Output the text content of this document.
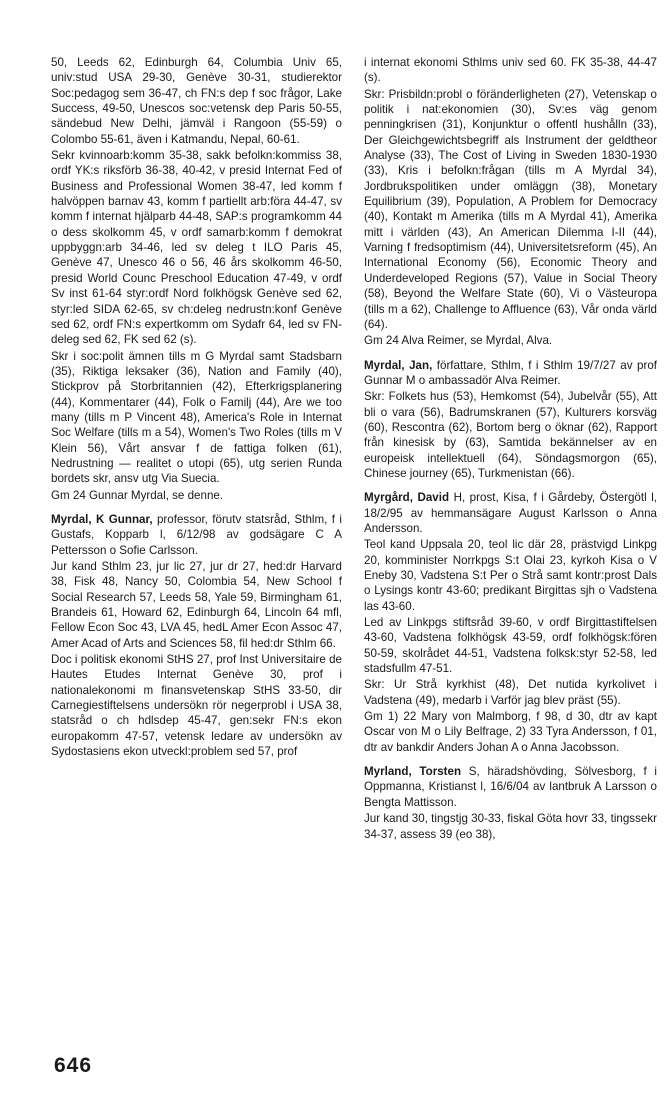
50, Leeds 62, Edinburgh 64, Columbia Univ 65, univ:stud USA 29-30, Genève 30-31, studierektor Soc:pedagog sem 36-47, ch FN:s dep f soc frågor, Lake Success, 49-50, Unescos soc:vetensk dep Paris 50-55, sändebud New Delhi, jämväl i Rangoon (55-59) o Colombo 55-61, även i Katmandu, Nepal, 60-61.

Sekr kvinnoarb:komm 35-38, sakk befolkn:kommiss 38, ordf YK:s riksförb 36-38, 40-42, v presid Internat Fed of Business and Professional Women 38-47, led komm f halvöppen barnav 43, komm f partiellt arb:föra 44-47, sv komm f internat hjälparb 44-48, SAP:s programkomm 44 o dess skolkomm 45, v ordf samarb:komm f demokrat uppbyggn:arb 34-46, led sv deleg t ILO Paris 45, Genève 47, Unesco 46 o 56, 46 års skolkomm 46-50, presid World Counc Preschool Education 47-49, v ordf Sv inst 61-64 styr:ordf Nord folkhögsk Genève sed 62, styr:led SIDA 62-65, sv ch:deleg nedrustn:konf Genève sed 62, ordf FN:s expertkomm om Sydafr 64, led sv FN-deleg sed 62, FK sed 62 (s).

Skr i soc:polit ämnen tills m G Myrdal samt Stadsbarn (35), Riktiga leksaker (36), Nation and Family (40), Stickprov på Storbritannien (42), Efterkrigsplanering (44), Kommentarer (44), Folk o Familj (44), Are we too many (tills m P Vincent 48), America's Role in Internat Soc Welfare (tills m a 54), Women's Two Roles (tills m V Klein 56), Vårt ansvar f de fattiga folken (61), Nedrustning — realitet o utopi (65), utg serien Runda bordets skr, ansv utg Via Suecia.

Gm 24 Gunnar Myrdal, se denne.

Myrdal, K Gunnar, professor, förutv statsråd, Sthlm, f i Gustafs, Kopparb l, 6/12/98 av godsägare C A Pettersson o Sofie Carlsson.

Jur kand Sthlm 23, jur lic 27, jur dr 27, hed:dr Harvard 38, Fisk 48, Nancy 50, Colombia 54, New School f Social Research 57, Leeds 58, Yale 59, Birmingham 61, Brandeis 61, Howard 62, Edinburgh 64, Lincoln 64 mfl, Fellow Econ Soc 43, LVA 45, hedL Amer Econ Assoc 47, Amer Acad of Arts and Sciences 58, fil hed:dr Sthlm 66.

Doc i politisk ekonomi StHS 27, prof Inst Universitaire de Hautes Etudes Internat Genève 30, prof i nationalekonomi m finansvetenskap StHS 33-50, dir Carnegiestiftelsens undersökn rör negerprobl i USA 38, statsråd o ch hdlsdep 45-47, gen:sekr FN:s ekon europakomm 47-57, vetensk ledare av undersökn av Sydostasiens ekon utveckl:problem sed 57, prof

i internat ekonomi Sthlms univ sed 60. FK 35-38, 44-47 (s).

Skr: Prisbildn:probl o föränderligheten (27), Vetenskap o politik i nat:ekonomien (30), Sv:es väg genom penningkrisen (31), Konjunktur o offentl hushålln (33), Der Gleichgewichtsbegriff als Instrument der geldtheor Analyse (33), The Cost of Living in Sweden 1830-1930 (33), Kris i befolkn:frågan (tills m A Myrdal 34), Jordbrukspolitiken under omläggn (38), Monetary Equilibrium (39), Population, A Problem for Democracy (40), Kontakt m Amerika (tills m A Myrdal 41), Amerika mitt i världen (43), An American Dilemma I-II (44), Varning f fredsoptimism (44), Universitetsreform (45), An International Economy (56), Economic Theory and Underdeveloped Regions (57), Value in Social Theory (58), Beyond the Welfare State (60), Vi o Västeuropa (tills m a 62), Challenge to Affluence (63), Vår onda värld (64).

Gm 24 Alva Reimer, se Myrdal, Alva.

Myrdal, Jan, författare, Sthlm, f i Sthlm 19/7/27 av prof Gunnar M o ambassadör Alva Reimer.

Skr: Folkets hus (53), Hemkomst (54), Jubelvår (55), Att bli o vara (56), Badrumskranen (57), Kulturers korsväg (60), Rescontra (62), Bortom berg o öknar (62), Rapport från kinesisk by (63), Samtida bekännelser av en europeisk intellektuell (64), Söndagsmorgon (65), Chinese journey (65), Turkmenistan (66).

Myrgård, David H, prost, Kisa, f i Gårdeby, Östergötl l, 18/2/95 av hemmansägare August Karlsson o Anna Andersson.

Teol kand Uppsala 20, teol lic där 28, prästvigd Linkpg 20, komminister Norrkpgs S:t Olai 23, kyrkoh Kisa o V Eneby 30, Vadstena S:t Per o Strå samt kontr:prost Dals o Lysings kontr 43-60; predikant Birgittas sjh o Vadstena las 43-60.

Led av Linkpgs stiftsråd 39-60, v ordf Birgittastiftelsen 43-60, Vadstena folkhögsk 43-59, ordf folkhögsk:fören 50-59, skolrådet 44-51, Vadstena folksk:styr 52-58, led stadsfullm 47-51.

Skr: Ur Strå kyrkhist (48), Det nutida kyrkolivet i Vadstena (49), medarb i Varför jag blev präst (55).

Gm 1) 22 Mary von Malmborg, f 98, d 30, dtr av kapt Oscar von M o Lily Belfrage, 2) 33 Tyra Andersson, f 01, dtr av bankdir Anders Johan A o Anna Jacobsson.

Myrland, Torsten S, häradshövding, Sölvesborg, f i Oppmanna, Kristianst l, 16/6/04 av lantbruk A Larsson o Bengta Mattisson.

Jur kand 30, tingstjg 30-33, fiskal Göta hovr 33, tingssekr 34-37, assess 39 (eo 38),

646
